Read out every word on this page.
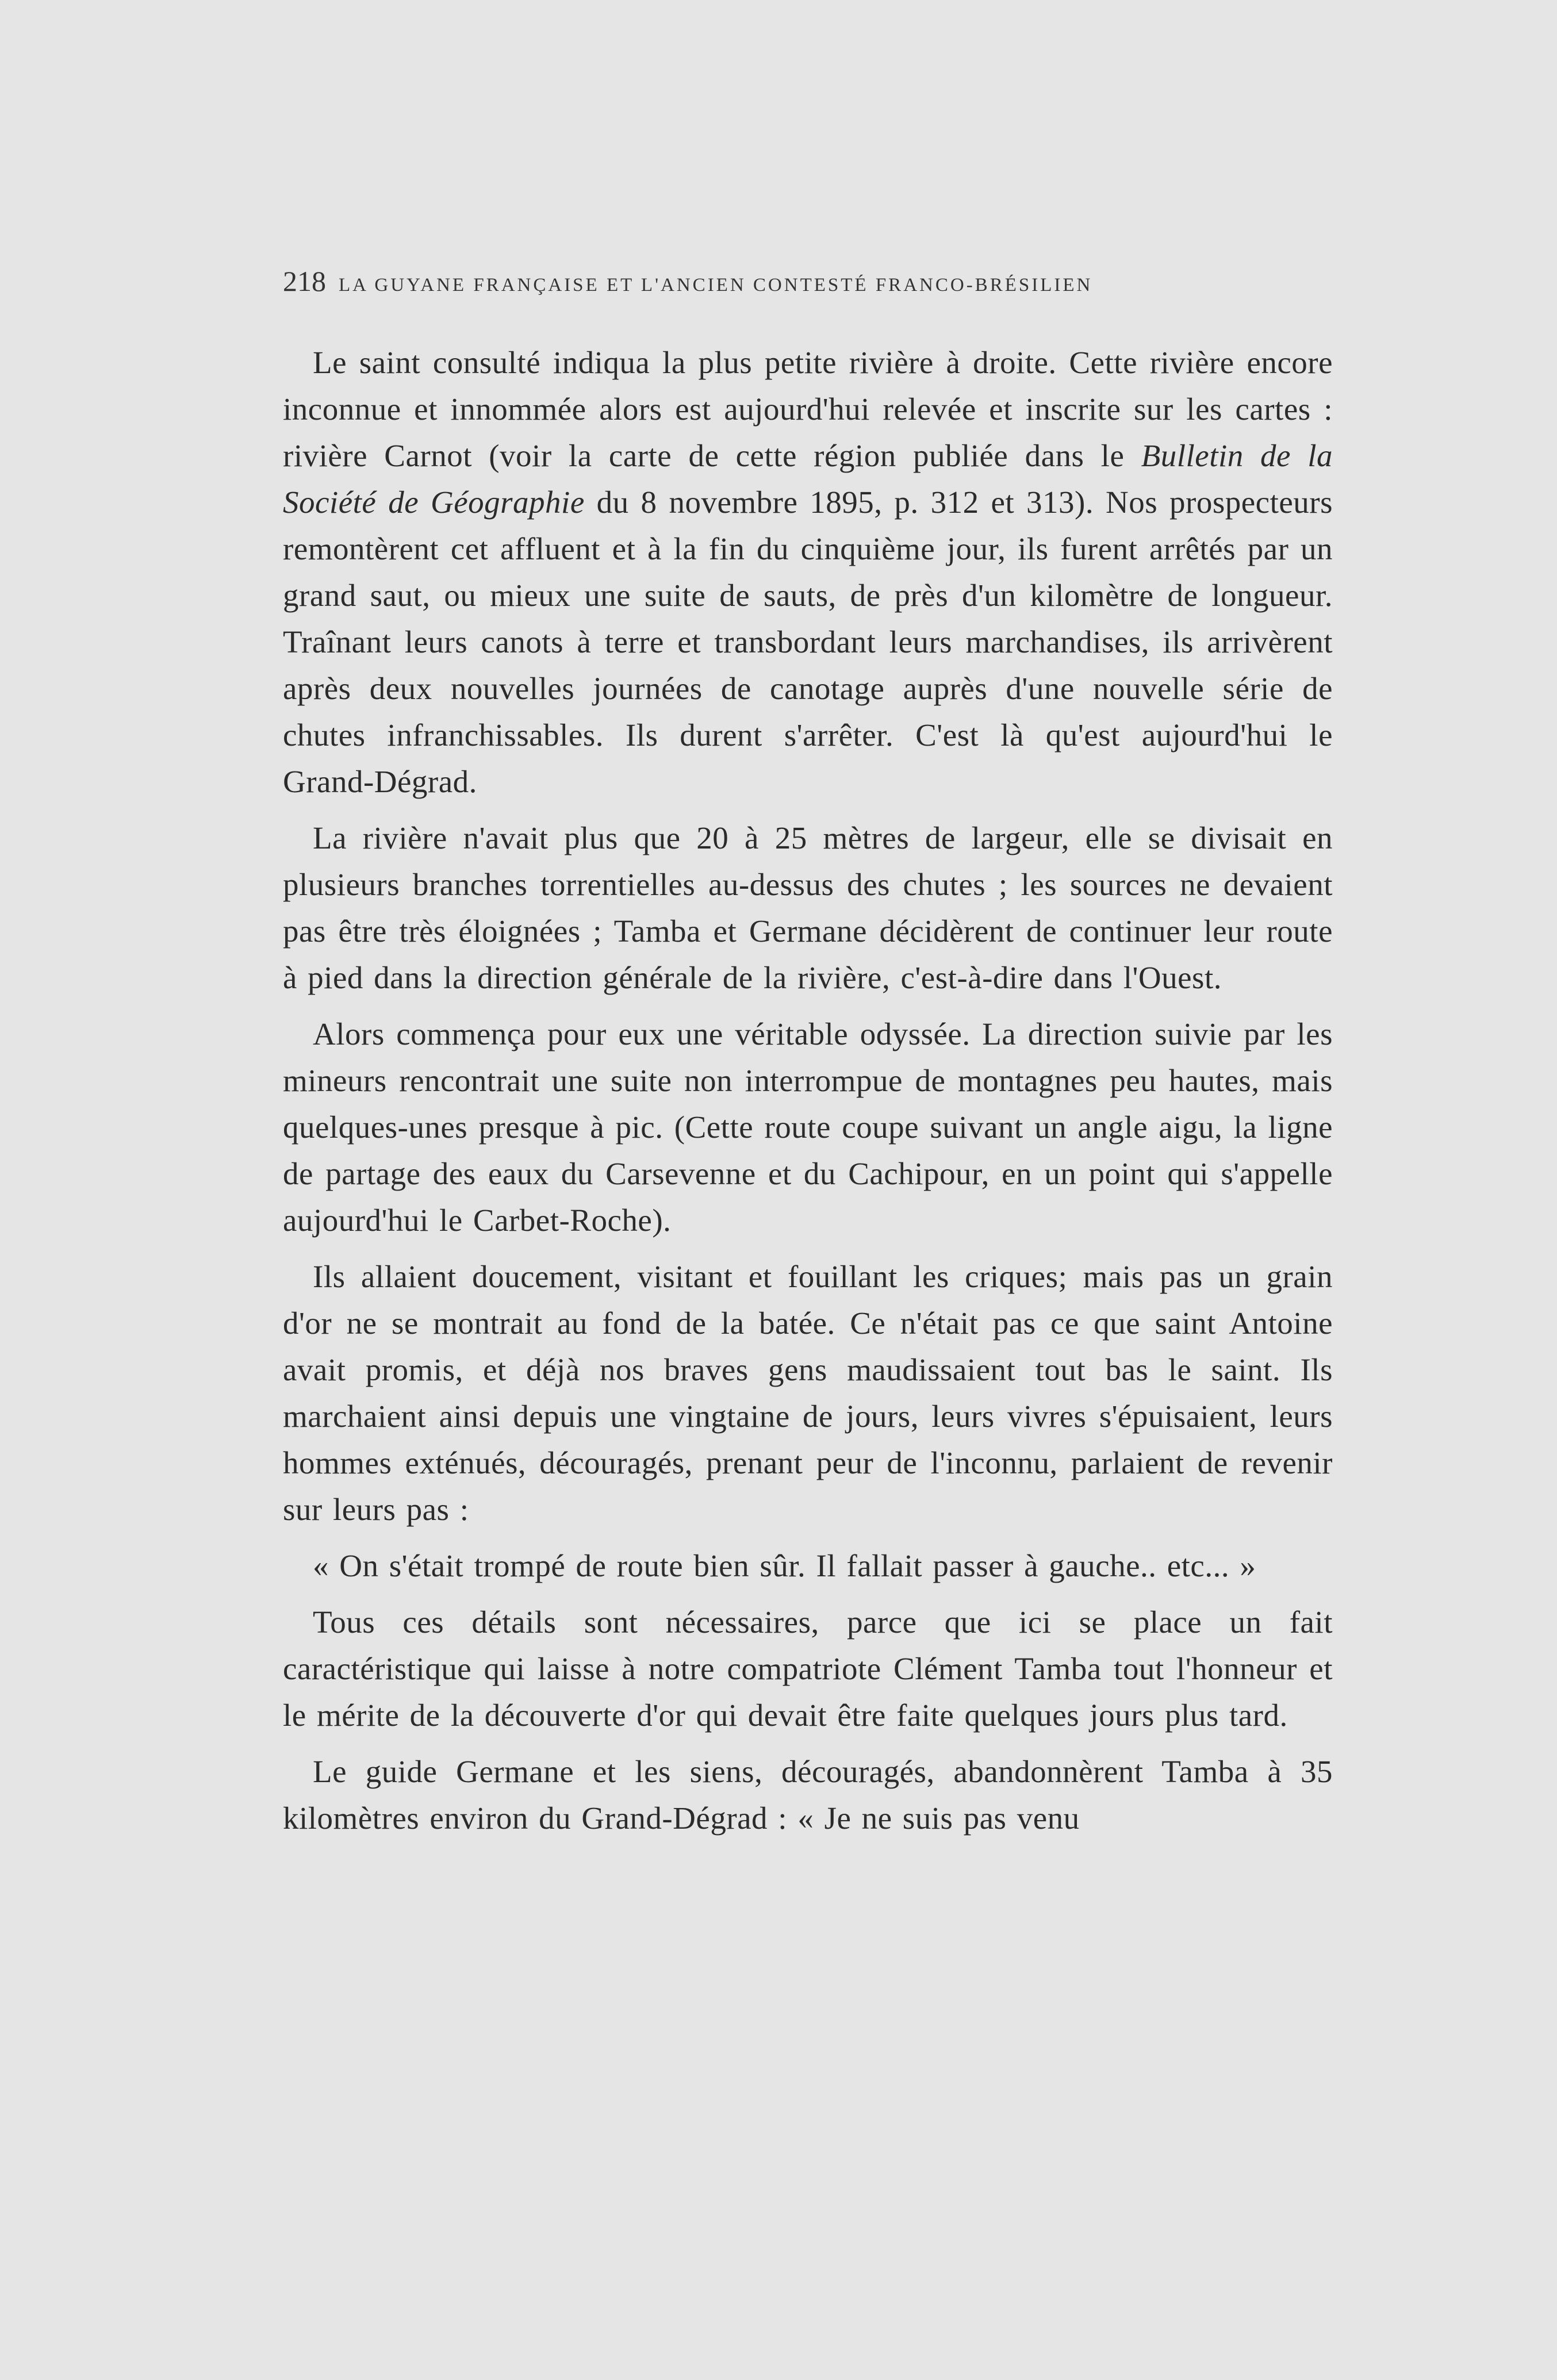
218 LA GUYANE FRANÇAISE ET L'ANCIEN CONTESTÉ FRANCO-BRÉSILIEN

Le saint consulté indiqua la plus petite rivière à droite. Cette rivière encore inconnue et innommée alors est aujourd'hui relevée et inscrite sur les cartes : rivière Carnot (voir la carte de cette région publiée dans le Bulletin de la Société de Géographie du 8 novembre 1895, p. 312 et 313). Nos prospecteurs remontèrent cet affluent et à la fin du cinquième jour, ils furent arrêtés par un grand saut, ou mieux une suite de sauts, de près d'un kilomètre de longueur. Traînant leurs canots à terre et transbordant leurs marchandises, ils arrivèrent après deux nouvelles journées de canotage auprès d'une nouvelle série de chutes infranchissables. Ils durent s'arrêter. C'est là qu'est aujourd'hui le Grand-Dégrad.

La rivière n'avait plus que 20 à 25 mètres de largeur, elle se divisait en plusieurs branches torrentielles au-dessus des chutes ; les sources ne devaient pas être très éloignées ; Tamba et Germane décidèrent de continuer leur route à pied dans la direction générale de la rivière, c'est-à-dire dans l'Ouest.

Alors commença pour eux une véritable odyssée. La direction suivie par les mineurs rencontrait une suite non interrompue de montagnes peu hautes, mais quelques-unes presque à pic. (Cette route coupe suivant un angle aigu, la ligne de partage des eaux du Carsevenne et du Cachipour, en un point qui s'appelle aujourd'hui le Carbet-Roche).

Ils allaient doucement, visitant et fouillant les criques; mais pas un grain d'or ne se montrait au fond de la batée. Ce n'était pas ce que saint Antoine avait promis, et déjà nos braves gens maudissaient tout bas le saint. Ils marchaient ainsi depuis une vingtaine de jours, leurs vivres s'épuisaient, leurs hommes exténués, découragés, prenant peur de l'inconnu, parlaient de revenir sur leurs pas :

« On s'était trompé de route bien sûr. Il fallait passer à gauche.. etc... »

Tous ces détails sont nécessaires, parce que ici se place un fait caractéristique qui laisse à notre compatriote Clément Tamba tout l'honneur et le mérite de la découverte d'or qui devait être faite quelques jours plus tard.

Le guide Germane et les siens, découragés, abandonnèrent Tamba à 35 kilomètres environ du Grand-Dégrad : « Je ne suis pas venu
